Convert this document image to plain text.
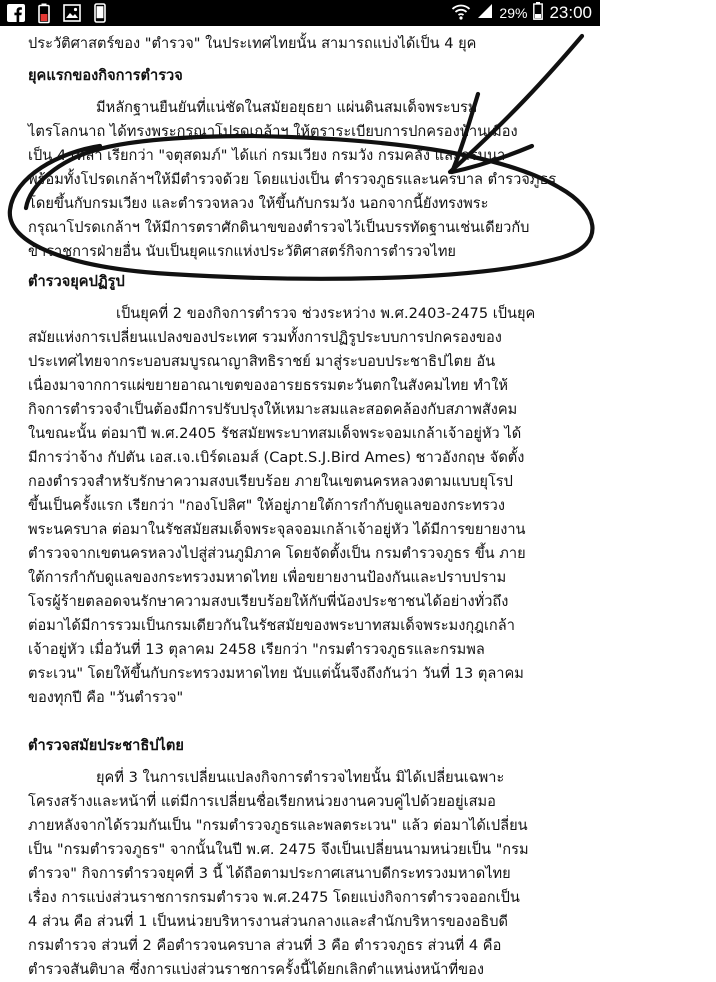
29% 23:00

ประวัติศาสตร์ของ "ตำรวจ" ในประเทศไทยนั้น สามารถแบ่งได้เป็น 4 ยุค

ยุคแรกของกิจการตำรวจ

มีหลักฐานยืนยันที่แน่ชัดในสมัยอยุธยา แผ่นดินสมเด็จพระบรม

ไตรโลกนาถ ได้ทรงพระกรุณาโปรดเกล้าฯ ให้ตราระเบียบการปกครองบ้านเมือง

เป็น 4 เหล่า เรียกว่า "จตุสดมภ์" ได้แก่ กรมเวียง กรมวัง กรมคลัง และกรมนา

พร้อมทั้งโปรดเกล้าฯให้มีตำรวจด้วย โดยแบ่งเป็น ตำรวจภูธรและนครบาล ตำรวจภูธร

โดยขึ้นกับกรมเวียง และตำรวจหลวง ให้ขึ้นกับกรมวัง นอกจากนี้ยังทรงพระ

กรุณาโปรดเกล้าฯ ให้มีการตราศักดินาขของตำรวจไว้เป็นบรรทัดฐานเช่นเดียวกับ

ข้าราชการฝ่ายอื่น นับเป็นยุคแรกแห่งประวัติศาสตร์กิจการตำรวจไทย

ตำรวจยุคปฏิรูป

เป็นยุคที่ 2 ของกิจการตำรวจ ช่วงระหว่าง พ.ศ.2403-2475 เป็นยุค

สมัยแห่งการเปลี่ยนแปลงของประเทศ รวมทั้งการปฏิรูประบบการปกครองของ

ประเทศไทยจากระบอบสมบูรณาญาสิทธิราชย์ มาสู่ระบอบประชาธิปไตย อัน

เนื่องมาจากการแผ่ขยายอาณาเขตของอารยธรรมตะวันตกในสังคมไทย ทำให้

กิจการตำรวจจำเป็นต้องมีการปรับปรุงให้เหมาะสมและสอดคล้องกับสภาพสังคม

ในขณะนั้น ต่อมาปี พ.ศ.2405 รัชสมัยพระบาทสมเด็จพระจอมเกล้าเจ้าอยู่หัว ได้

มีการว่าจ้าง กัปตัน เอส.เจ.เบิร์ดเอมส์ (Capt.S.J.Bird Ames) ชาวอังกฤษ จัดตั้ง

กองตำรวจสำหรับรักษาความสงบเรียบร้อย ภายในเขตนครหลวงตามแบบยุโรป

ขึ้นเป็นครั้งแรก เรียกว่า "กองโปลิศ" ให้อยู่ภายใต้การกำกับดูแลของกระทรวง

พระนครบาล ต่อมาในรัชสมัยสมเด็จพระจุลจอมเกล้าเจ้าอยู่หัว ได้มีการขยายงาน

ตำรวจจากเขตนครหลวงไปสู่ส่วนภูมิภาค โดยจัดตั้งเป็น กรมตำรวจภูธร ขึ้น ภาย

ใต้การกำกับดูแลของกระทรวงมหาดไทย เพื่อขยายงานป้องกันและปราบปราม

โจรผู้ร้ายตลอดจนรักษาความสงบเรียบร้อยให้กับพี่น้องประชาชนได้อย่างทั่วถึง

ต่อมาได้มีการรวมเป็นกรมเดียวกันในรัชสมัยของพระบาทสมเด็จพระมงกุฎเกล้า

เจ้าอยู่หัว เมื่อวันที่ 13 ตุลาคม 2458 เรียกว่า "กรมตำรวจภูธรและกรมพล

ตระเวน" โดยให้ขึ้นกับกระทรวงมหาดไทย นับแต่นั้นจึงถึงกันว่า วันที่ 13 ตุลาคม

ของทุกปี คือ "วันตำรวจ"

ตำรวจสมัยประชาธิปไตย

ยุคที่ 3 ในการเปลี่ยนแปลงกิจการตำรวจไทยนั้น มิได้เปลี่ยนเฉพาะ

โครงสร้างและหน้าที่ แต่มีการเปลี่ยนชื่อเรียกหน่วยงานควบคู่ไปด้วยอยู่เสมอ

ภายหลังจากได้รวมกันเป็น "กรมตำรวจภูธรและพลตระเวน" แล้ว ต่อมาได้เปลี่ยน

เป็น "กรมตำรวจภูธร" จากนั้นในปี พ.ศ. 2475 จึงเป็นเปลี่ยนนามหน่วยเป็น "กรม

ตำรวจ" กิจการตำรวจยุคที่ 3 นี้ ได้ถือตามประกาศเสนาบดีกระทรวงมหาดไทย

เรื่อง การแบ่งส่วนราชการกรมตำรวจ พ.ศ.2475 โดยแบ่งกิจการตำรวจออกเป็น

4 ส่วน คือ ส่วนที่ 1 เป็นหน่วยบริหารงานส่วนกลางและสำนักบริหารของอธิบดี

กรมตำรวจ ส่วนที่ 2 คือตำรวจนครบาล ส่วนที่ 3 คือ ตำรวจภูธร ส่วนที่ 4 คือ

ตำรวจสันติบาล ซึ่งการแบ่งส่วนราชการครั้งนี้ได้ยกเลิกตำแหน่งหน้าที่ของ
